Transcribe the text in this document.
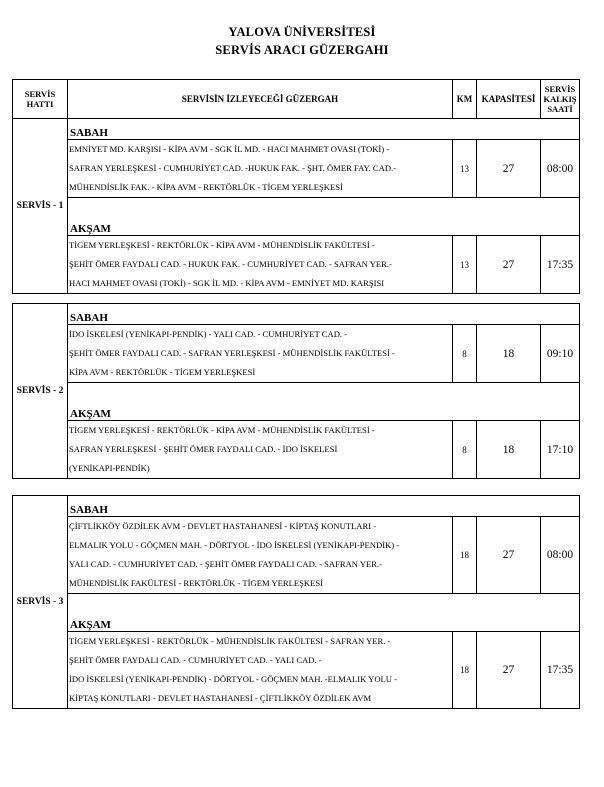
YALOVA ÜNİVERSİTESİ
SERVİS ARACI GÜZERGAHI
SERVİS
HATTI	SERVİSİN İZLEYECEĞİ GÜZERGAH	KM	KAPASİTESİ	
SERVİS
KALKIŞ
SAATİ
SERVİS - 1	SABAH			

	EMNİYET MD. KARŞISI - KİPA AVM - SGK İL MD. - HACI MAHMET OVASI (TOKİ) -
SAFRAN YERLEŞKESİ - CUMHURİYET CAD. -HUKUK FAK. - ŞHT. ÖMER FAY. CAD.-
MÜHENDİSLİK FAK. - KİPA AVM - REKTÖRLÜK - TİGEM YERLEŞKESİ	13	27	08:00
	AKŞAM			

	TİGEM YERLEŞKESİ - REKTÖRLÜK - KİPA AVM - MÜHENDİSLİK FAKÜLTESİ -
ŞEHİT ÖMER FAYDALI CAD. - HUKUK FAK. - CUMHURİYET CAD. - SAFRAN YER.-
HACI MAHMET OVASI (TOKİ) - SGK İL MD. - KİPA AVM - EMNİYET MD. KARŞISI	13	27	17:35
SERVİS - 2	SABAH			

	İDO İSKELESİ (YENİKAPI-PENDİK) - YALI CAD. - CUMHURİYET CAD. -
ŞEHİT ÖMER FAYDALI CAD. - SAFRAN YERLEŞKESİ - MÜHENDİSLİK FAKÜLTESİ -
KİPA AVM - REKTÖRLÜK - TİGEM YERLEŞKESİ	8	18	09:10
	AKŞAM			

	TİGEM YERLEŞKESİ - REKTÖRLÜK - KİPA AVM - MÜHENDİSLİK FAKÜLTESİ -
SAFRAN YERLEŞKESİ - ŞEHİT ÖMER FAYDALI CAD. - İDO İSKELESİ
(YENİKAPI-PENDİK)	8	18	17:10
SERVİS - 3	SABAH			

	ÇİFTLİKKÖY ÖZDİLEK AVM - DEVLET HASTAHANESİ - KİPTAŞ KONUTLARI -
ELMALIK YOLU - GÖÇMEN MAH. - DÖRTYOL - İDO İSKELESİ (YENİKAPI-PENDİK) -
YALI CAD. - CUMHURİYET CAD. - ŞEHİT ÖMER FAYDALI CAD. - SAFRAN YER.-
MÜHENDİSLİK FAKÜLTESİ - REKTÖRLÜK - TİGEM YERLEŞKESİ	18	27	08:00
	AKŞAM			

	TİGEM YERLEŞKESİ - REKTÖRLÜK - MÜHENDİSLİK FAKÜLTESİ - SAFRAN YER. -
ŞEHİT ÖMER FAYDALI CAD. - CUMHURİYET CAD. - YALI CAD. -
İDO İSKELESİ (YENİKAPI-PENDİK) - DÖRTYOL - GÖÇMEN MAH. -ELMALIK YOLU -
KİPTAŞ KONUTLARI - DEVLET HASTAHANESİ - ÇİFTLİKKÖY ÖZDİLEK AVM	18	27	17:35
